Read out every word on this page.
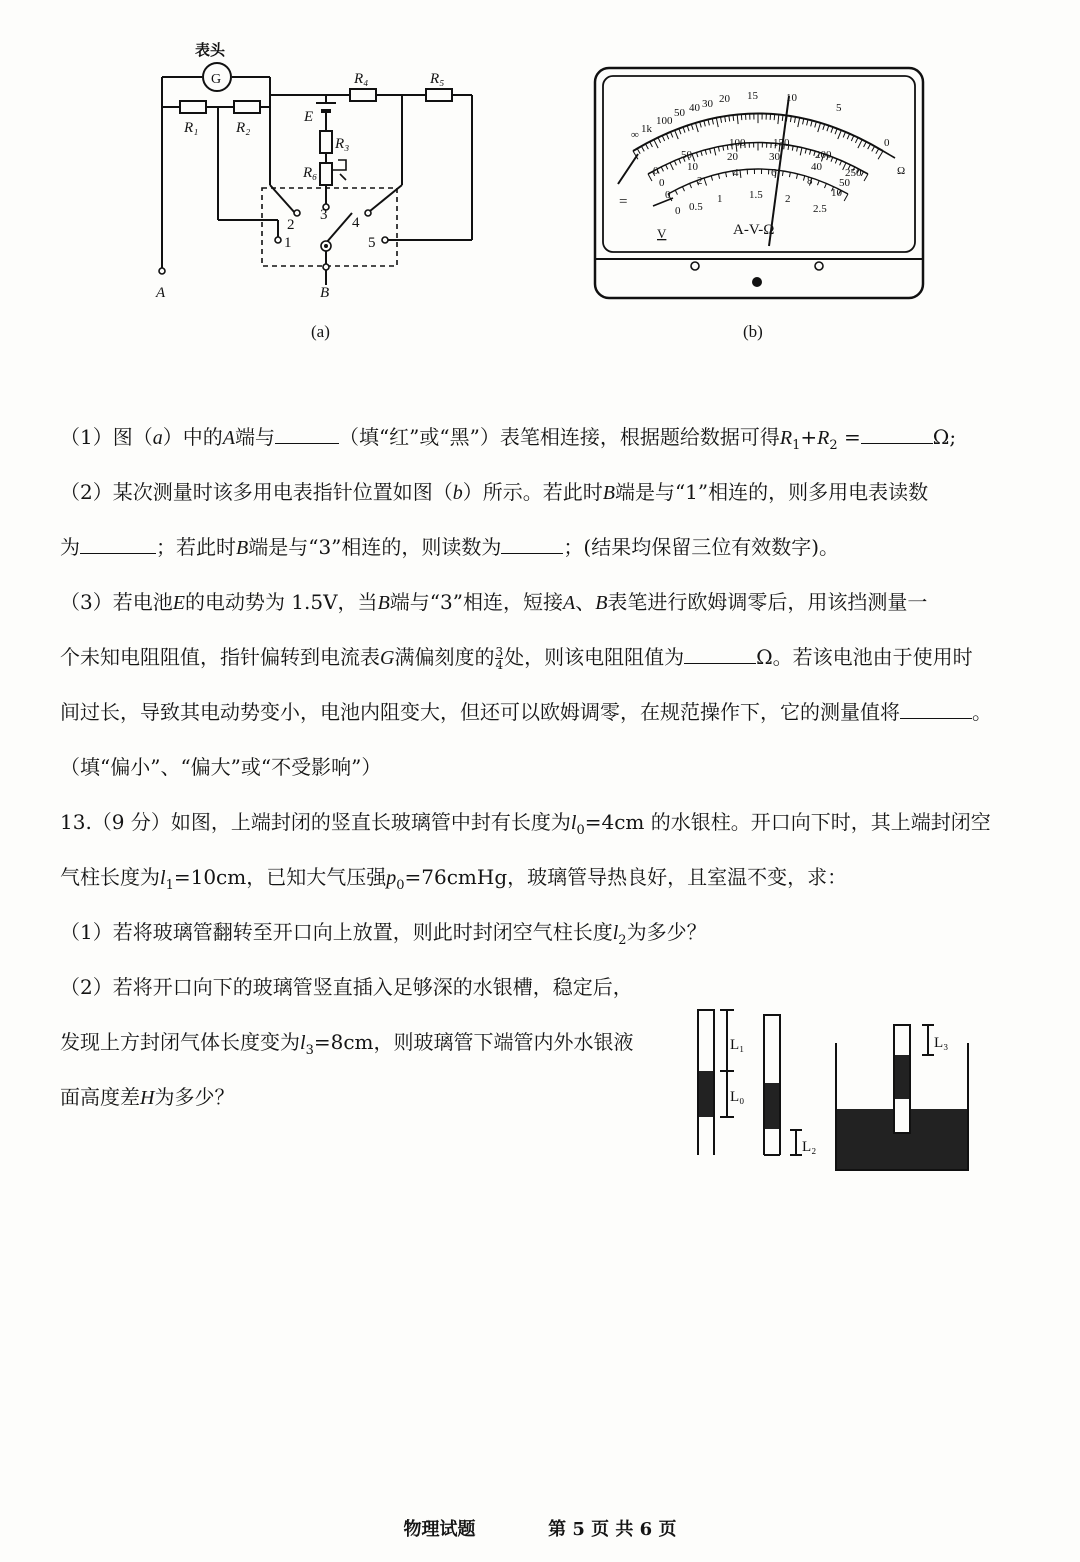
表头
G
R₁	R₂
R₄	R₅
E
R₃
R₆
1
2
3 4
5
A	B
(a)
∞ 1k
100
50 40 30 20 15	10
5
0
Ω
0
50
100	150
200
250
0
10
20	30
40
50
0
2
4	6
8
10
0 0.5
1 1.5 2
2.5
=
V	A-V-Ω
(b)
（1）图（a）中的A端与	（填“红”或“黑”）表笔相连接，根据题给数据可得$R_1+R_2$ =	Ω;
（2）某次测量时该多用电表指针位置如图（b）所示。若此时B端是与“1”相连的，则多用电表读数
为	；若此时B端是与“3”相连的，则读数为	；(结果均保留三位有效数字)。
（3）若电池E的电动势为 1.5V，当B端与“3”相连，短接A、B表笔进行欧姆调零后，用该挡测量一
个未知电阻阻值，指针偏转到电流表G满偏刻度的 $\frac{3}{4}$ 处，则该电阻阻值为	Ω。若该电池由于使用时
间过长，导致其电动势变小，电池内阻变大，但还可以欧姆调零，在规范操作下，它的测量值将	。
（填“偏小”、“偏大”或“不受影响”）
13.（9 分）如图，上端封闭的竖直长玻璃管中封有长度为$l_0=4cm$ 的水银柱。开口向下时，其上端封闭空
气柱长度为$l_1=10cm$，已知大气压强$p_0=76cmHg$，玻璃管导热良好，且室温不变，求：
（1）若将玻璃管翻转至开口向上放置，则此时封闭空气柱长度$l_2$为多少？
（2）若将开口向下的玻璃管竖直插入足够深的水银槽，稳定后，
发现上方封闭气体长度变为$l_3=8cm$，则玻璃管下端管内外水银液
面高度差H为多少？
L₁
L₀
L₂
L₃
物理试题	第 5 页 共 6 页
